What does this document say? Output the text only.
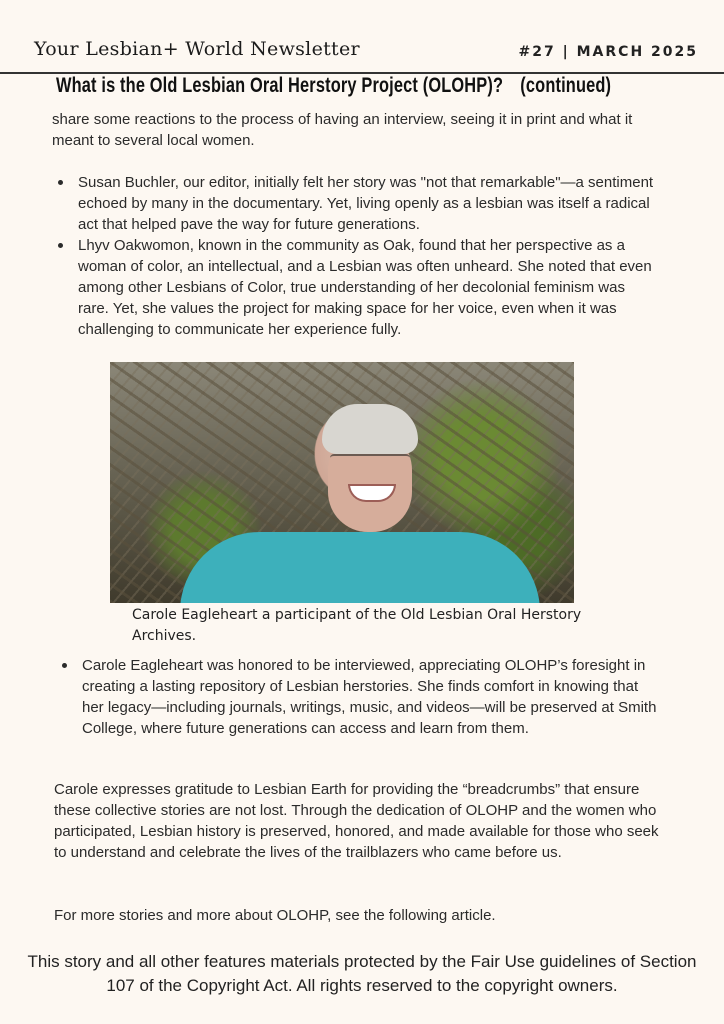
Your Lesbian+ World Newsletter	#27 | MARCH 2025
What is the Old Lesbian Oral Herstory Project (OLOHP)? (continued)

share some reactions to the process of having an interview, seeing it in print and what it meant to several local women.

Susan Buchler, our editor, initially felt her story was "not that remarkable"—a sentiment echoed by many in the documentary. Yet, living openly as a lesbian was itself a radical act that helped pave the way for future generations.
Lhyv Oakwomon, known in the community as Oak, found that her perspective as a woman of color, an intellectual, and a Lesbian was often unheard. She noted that even among other Lesbians of Color, true understanding of her decolonial feminism was rare. Yet, she values the project for making space for her voice, even when it was challenging to communicate her experience fully.
Carole Eagleheart a participant of the Old Lesbian Oral Herstory Archives.
Carole Eagleheart was honored to be interviewed, appreciating OLOHP’s foresight in creating a lasting repository of Lesbian herstories. She finds comfort in knowing that her legacy—including journals, writings, music, and videos—will be preserved at Smith College, where future generations can access and learn from them.

Carole expresses gratitude to Lesbian Earth for providing the “breadcrumbs” that ensure these collective stories are not lost. Through the dedication of OLOHP and the women who participated, Lesbian history is preserved, honored, and made available for those who seek to understand and celebrate the lives of the trailblazers who came before us.

For more stories and more about OLOHP, see the following article.

This story and all other features materials protected by the Fair Use guidelines of Section 107 of the Copyright Act. All rights reserved to the copyright owners.
